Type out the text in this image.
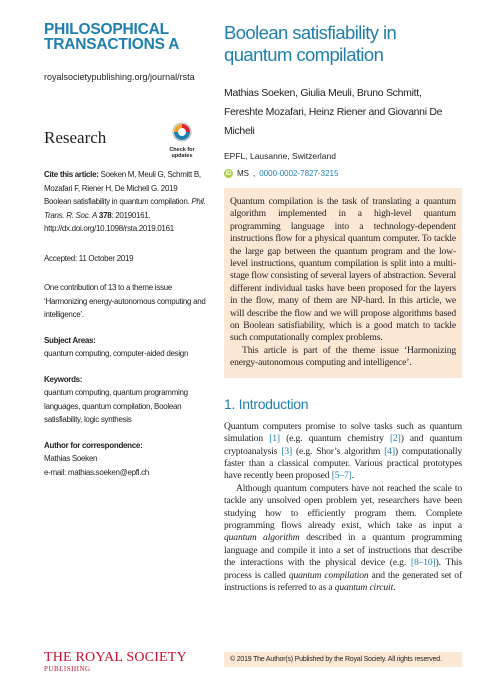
PHILOSOPHICAL
TRANSACTIONS A
royalsocietypublishing.org/journal/rsta
Research
Check for
updates
Cite this article: Soeken M, Meuli G, Schmitt B, Mozafari F, Riener H, De Micheli G. 2019 Boolean satisfiability in quantum compilation. Phil. Trans. R. Soc. A 378: 20190161.
http://dx.doi.org/10.1098/rsta.2019.0161
Accepted: 11 October 2019
One contribution of 13 to a theme issue ‘Harmonizing energy-autonomous computing and intelligence’.
Subject Areas:
quantum computing, computer-aided design
Keywords:
quantum computing, quantum programming languages, quantum compilation, Boolean satisfiability, logic synthesis
Author for correspondence:
Mathias Soeken
e-mail: mathias.soeken@epfl.ch
Boolean satisfiability in quantum compilation
Mathias Soeken, Giulia Meuli, Bruno Schmitt, Fereshte Mozafari, Heinz Riener and Giovanni De Micheli
EPFL, Lausanne, Switzerland
iD MS , 0000-0002-7827-3215

Quantum compilation is the task of translating a quantum algorithm implemented in a high-level quantum programming language into a technology-dependent instructions flow for a physical quantum computer. To tackle the large gap between the quantum program and the low-level instructions, quantum compilation is split into a multi-stage flow consisting of several layers of abstraction. Several different individual tasks have been proposed for the layers in the flow, many of them are NP-hard. In this article, we will describe the flow and we will propose algorithms based on Boolean satisfiability, which is a good match to tackle such computationally complex problems.

This article is part of the theme issue ‘Harmonizing energy-autonomous computing and intelligence’.

1. Introduction

Quantum computers promise to solve tasks such as quantum simulation [1] (e.g. quantum chemistry [2]) and quantum cryptoanalysis [3] (e.g. Shor’s algorithm [4]) computationally faster than a classical computer. Various practical prototypes have recently been proposed [5–7].

Although quantum computers have not reached the scale to tackle any unsolved open problem yet, researchers have been studying how to efficiently program them. Complete programming flows already exist, which take as input a quantum algorithm described in a quantum programming language and compile it into a set of instructions that describe the interactions with the physical device (e.g. [8–10]). This process is called quantum compilation and the generated set of instructions is referred to as a quantum circuit.

THE ROYAL SOCIETY
PUBLISHING
© 2019 The Author(s) Published by the Royal Society. All rights reserved.
